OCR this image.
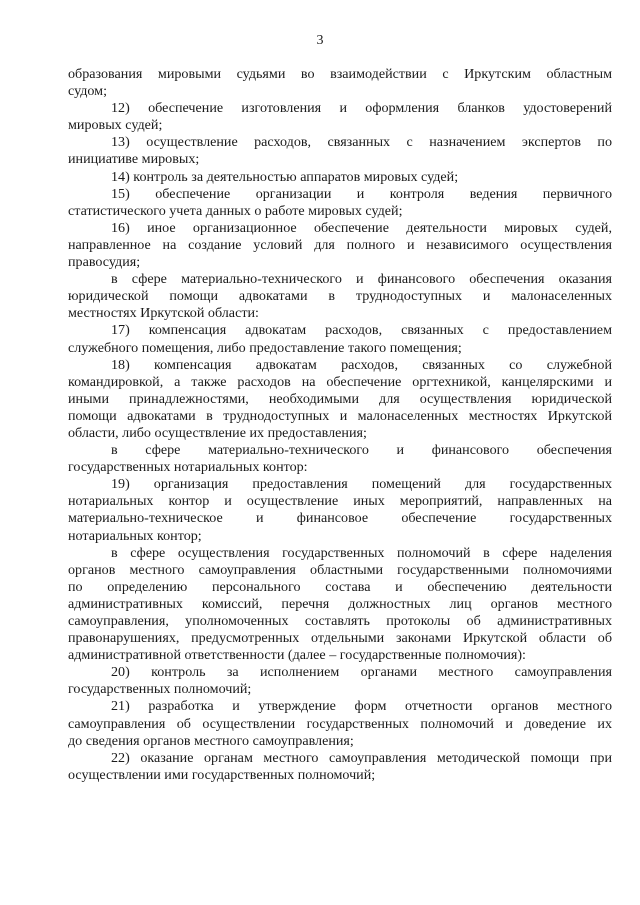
3
образования мировыми судьями во взаимодействии с Иркутским областным
судом;
12) обеспечение изготовления и оформления бланков удостоверений
мировых судей;
13) осуществление расходов, связанных с назначением экспертов по
инициативе мировых;
14) контроль за деятельностью аппаратов мировых судей;
15) обеспечение организации и контроля ведения первичного
статистического учета данных о работе мировых судей;
16) иное организационное обеспечение деятельности мировых судей,
направленное на создание условий для полного и независимого осуществления
правосудия;
в сфере материально-технического и финансового обеспечения оказания
юридической помощи адвокатами в труднодоступных и малонаселенных
местностях Иркутской области:
17) компенсация адвокатам расходов, связанных с предоставлением
служебного помещения, либо предоставление такого помещения;
18) компенсация адвокатам расходов, связанных со служебной
командировкой, а также расходов на обеспечение оргтехникой, канцелярскими и
иными принадлежностями, необходимыми для осуществления юридической
помощи адвокатами в труднодоступных и малонаселенных местностях Иркутской
области, либо осуществление их предоставления;
в сфере материально-технического и финансового обеспечения
государственных нотариальных контор:
19) организация предоставления помещений для государственных
нотариальных контор и осуществление иных мероприятий, направленных на
материально-техническое и финансовое обеспечение государственных
нотариальных контор;
в сфере осуществления государственных полномочий в сфере наделения
органов местного самоуправления областными государственными полномочиями
по определению персонального состава и обеспечению деятельности
административных комиссий, перечня должностных лиц органов местного
самоуправления, уполномоченных составлять протоколы об административных
правонарушениях, предусмотренных отдельными законами Иркутской области об
административной ответственности (далее – государственные полномочия):
20) контроль за исполнением органами местного самоуправления
государственных полномочий;
21) разработка и утверждение форм отчетности органов местного
самоуправления об осуществлении государственных полномочий и доведение их
до сведения органов местного самоуправления;
22) оказание органам местного самоуправления методической помощи при
осуществлении ими государственных полномочий;
